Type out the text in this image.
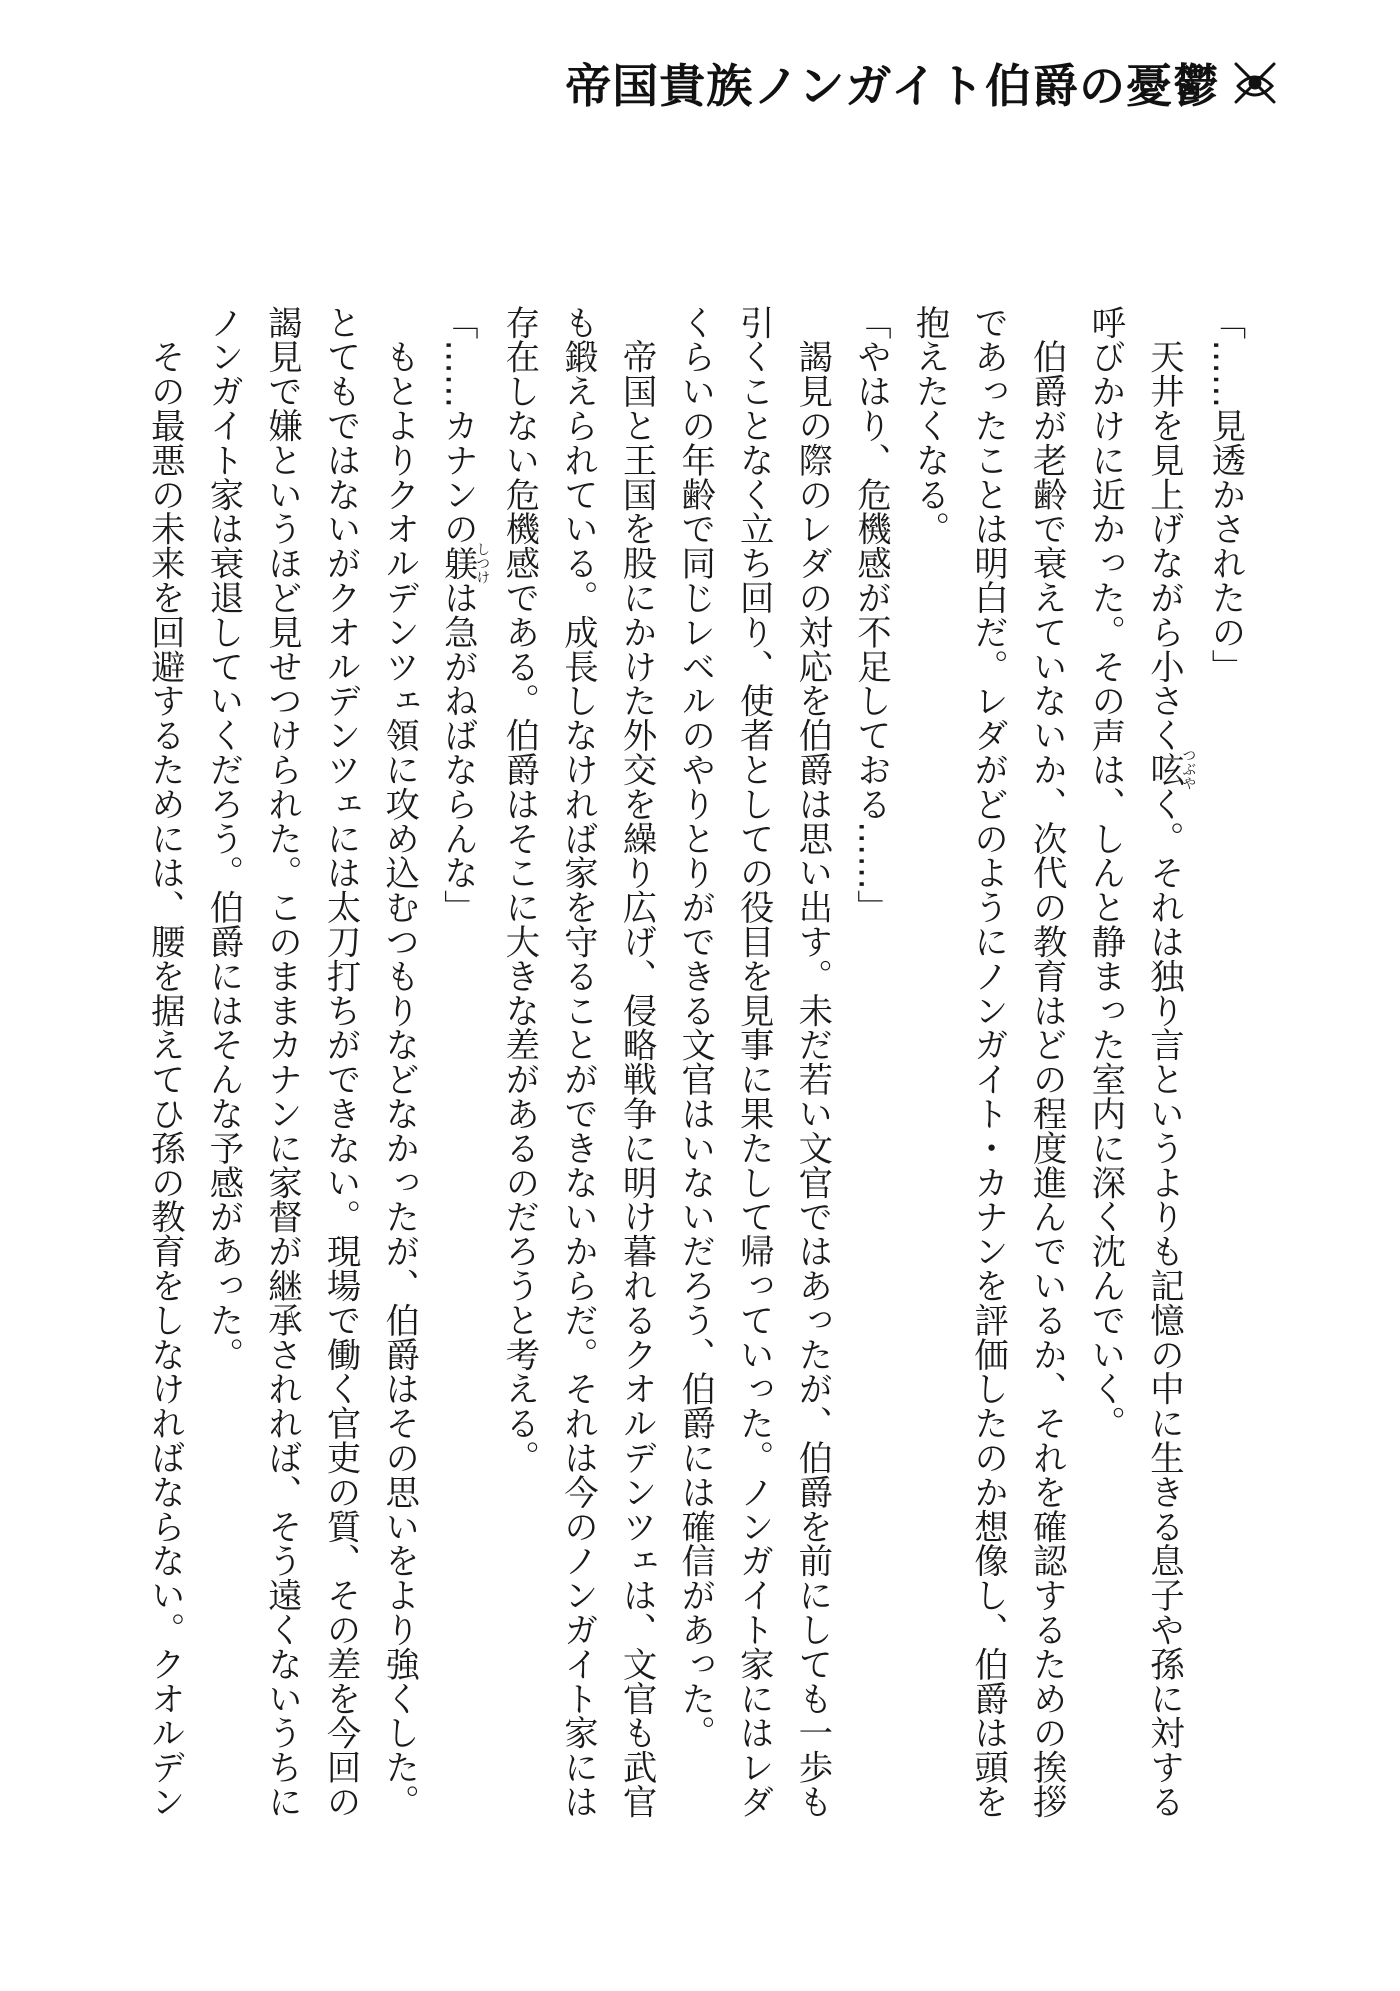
帝国貴族ノンガイト伯爵の憂鬱
「……見透かされたの」
　天井を見上げながら小さく呟つぶやく。それは独り言というよりも記憶の中に生きる息子や孫に対する
呼びかけに近かった。その声は、しんと静まった室内に深く沈んでいく。
　伯爵が老齢で衰えていないか、次代の教育はどの程度進んでいるか、それを確認するための挨拶
であったことは明白だ。レダがどのようにノンガイト・カナンを評価したのか想像し、伯爵は頭を
抱えたくなる。
「やはり、危機感が不足しておる……」
　謁見の際のレダの対応を伯爵は思い出す。未だ若い文官ではあったが、伯爵を前にしても一歩も
引くことなく立ち回り、使者としての役目を見事に果たして帰っていった。ノンガイト家にはレダ
くらいの年齢で同じレベルのやりとりができる文官はいないだろう、伯爵には確信があった。
　帝国と王国を股にかけた外交を繰り広げ、侵略戦争に明け暮れるクオルデンツェは、文官も武官
も鍛えられている。成長しなければ家を守ることができないからだ。それは今のノンガイト家には
存在しない危機感である。伯爵はそこに大きな差があるのだろうと考える。
「……カナンの躾しつけは急がねばならんな」
　もとよりクオルデンツェ領に攻め込むつもりなどなかったが、伯爵はその思いをより強くした。
とてもではないがクオルデンツェには太刀打ちができない。現場で働く官吏の質、その差を今回の
謁見で嫌というほど見せつけられた。このままカナンに家督が継承されれば、そう遠くないうちに
ノンガイト家は衰退していくだろう。伯爵にはそんな予感があった。
　その最悪の未来を回避するためには、腰を据えてひ孫の教育をしなければならない。クオルデン
